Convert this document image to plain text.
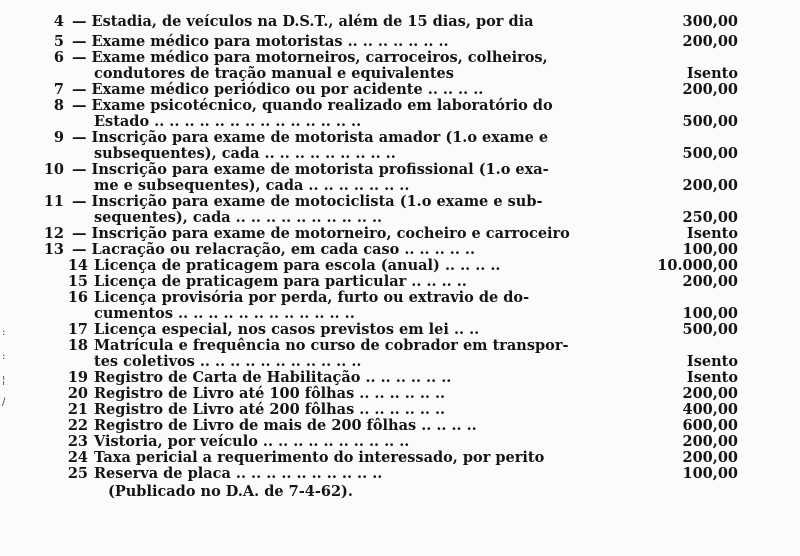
:
:
¦
/
4 — Estadia, de veículos na D.S.T., além de 15 dias, por dia	300,00
5 — Exame médico para motoristas .. .. .. .. .. .. ..	200,00
6 — Exame médico para motorneiros, carroceiros, colheiros,
condutores de tração manual e equivalentes	Isento
7 — Exame médico periódico ou por acidente .. .. .. ..	200,00
8 — Exame psicotécnico, quando realizado em laboratório do
Estado .. .. .. .. .. .. .. .. .. .. .. .. .. ..	500,00
9 — Inscrição para exame de motorista amador (1.o exame e
subsequentes), cada .. .. .. .. .. .. .. .. ..	500,00
10 — Inscrição para exame de motorista profissional (1.o exa-
me e subsequentes), cada .. .. .. .. .. .. ..	200,00
11 — Inscrição para exame de motociclista (1.o exame e sub-
sequentes), cada .. .. .. .. .. .. .. .. .. ..	250,00
12 — Inscrição para exame de motorneiro, cocheiro e carroceiro	Isento
13 — Lacração ou relacração, em cada caso .. .. .. .. ..	100,00
14 Licença de praticagem para escola (anual) .. .. .. ..	10.000,00
15 Licença de praticagem para particular .. .. .. ..	200,00
16 Licença provisória por perda, furto ou extravio de do-
cumentos .. .. .. .. .. .. .. .. .. .. .. ..	100,00
17 Licença especial, nos casos previstos em lei .. ..	500,00
18 Matrícula e frequência no curso de cobrador em transpor-
tes coletivos .. .. .. .. .. .. .. .. .. .. ..	Isento
19 Registro de Carta de Habilitação .. .. .. .. .. ..	Isento
20 Registro de Livro até 100 fôlhas .. .. .. .. .. ..	200,00
21 Registro de Livro até 200 fôlhas .. .. .. .. .. ..	400,00
22 Registro de Livro de mais de 200 fôlhas .. .. .. ..	600,00
23 Vistoria, por veículo .. .. .. .. .. .. .. .. .. ..	200,00
24 Taxa pericial a requerimento do interessado, por perito	200,00
25 Reserva de placa .. .. .. .. .. .. .. .. .. ..	100,00
(Publicado no D.A. de 7-4-62).
